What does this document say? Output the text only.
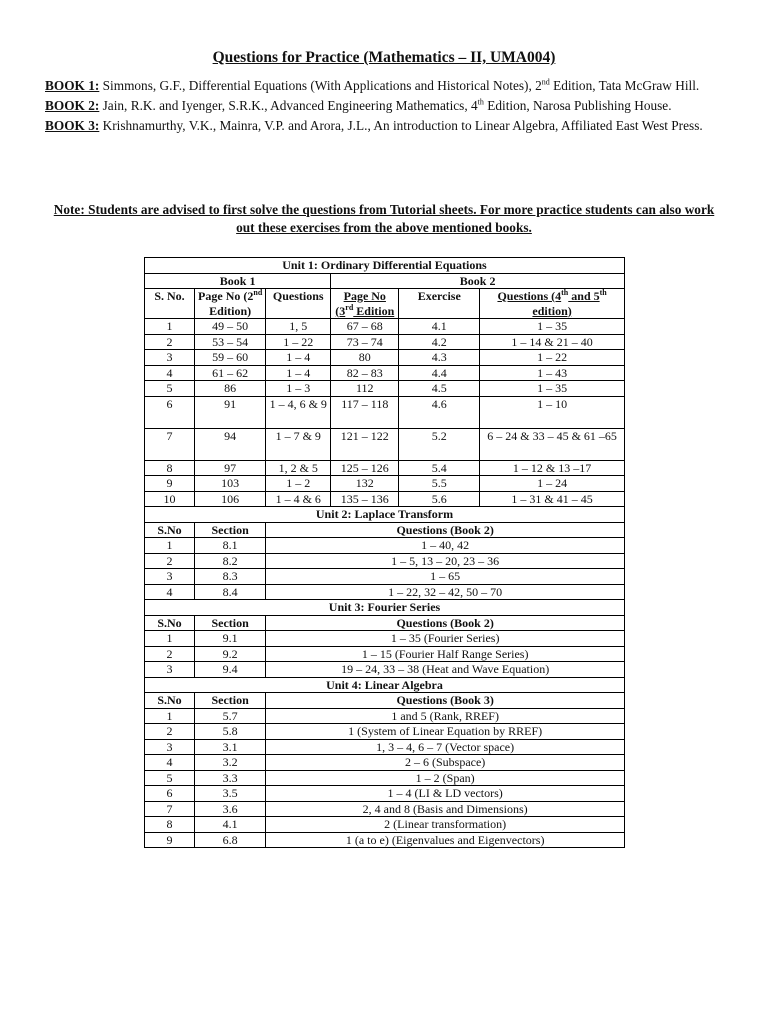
Questions for Practice (Mathematics – II, UMA004)
BOOK 1: Simmons, G.F., Differential Equations (With Applications and Historical Notes), 2nd Edition, Tata McGraw Hill.
BOOK 2: Jain, R.K. and Iyenger, S.R.K., Advanced Engineering Mathematics, 4th Edition, Narosa Publishing House.
BOOK 3: Krishnamurthy, V.K., Mainra, V.P. and Arora, J.L., An introduction to Linear Algebra, Affiliated East West Press.
Note: Students are advised to first solve the questions from Tutorial sheets. For more practice students can also work out these exercises from the above mentioned books.
Unit 1: Ordinary Differential Equations					
Book 1			Book 2		
S. No.	Page No (2nd Edition)	Questions	Page No (3rd Edition	Exercise	Questions (4th and 5th edition)
1	49 – 50	1, 5	67 – 68	4.1	1 – 35
2	53 – 54	1 – 22	73 – 74	4.2	1 – 14 & 21 – 40
3	59 – 60	1 – 4	80	4.3	1 – 22
4	61 – 62	1 – 4	82 – 83	4.4	1 – 43
5	86	1 – 3	112	4.5	1 – 35
6	91	1 – 4, 6 & 9	117 – 118	4.6	1 – 10
7	94	1 – 7 & 9	121 – 122	5.2	6 – 24 & 33 – 45 & 61 –65
8	97	1, 2 & 5	125 – 126	5.4	1 – 12 & 13 –17
9	103	1 – 2	132	5.5	1 – 24
10	106	1 – 4 & 6	135 – 136	5.6	1 – 31 & 41 – 45
Unit 2: Laplace Transform					
S.No	Section	Questions (Book 2)			
1	8.1	1 – 40, 42			
2	8.2	1 – 5, 13 – 20, 23 – 36			
3	8.3	1 – 65			
4	8.4	1 – 22, 32 – 42, 50 – 70			
Unit 3: Fourier Series					
S.No	Section	Questions (Book 2)			
1	9.1	1 – 35 (Fourier Series)			
2	9.2	1 – 15 (Fourier Half Range Series)			
3	9.4	19 – 24, 33 – 38 (Heat and Wave Equation)			
Unit 4: Linear Algebra					
S.No	Section	Questions (Book 3)			
1	5.7	1 and 5 (Rank, RREF)			
2	5.8	1 (System of Linear Equation by RREF)			
3	3.1	1, 3 – 4, 6 – 7 (Vector space)			
4	3.2	2 – 6 (Subspace)			
5	3.3	1 – 2 (Span)			
6	3.5	1 – 4 (LI & LD vectors)			
7	3.6	2, 4 and 8 (Basis and Dimensions)			
8	4.1	2 (Linear transformation)			
9	6.8	1 (a to e) (Eigenvalues and Eigenvectors)			
